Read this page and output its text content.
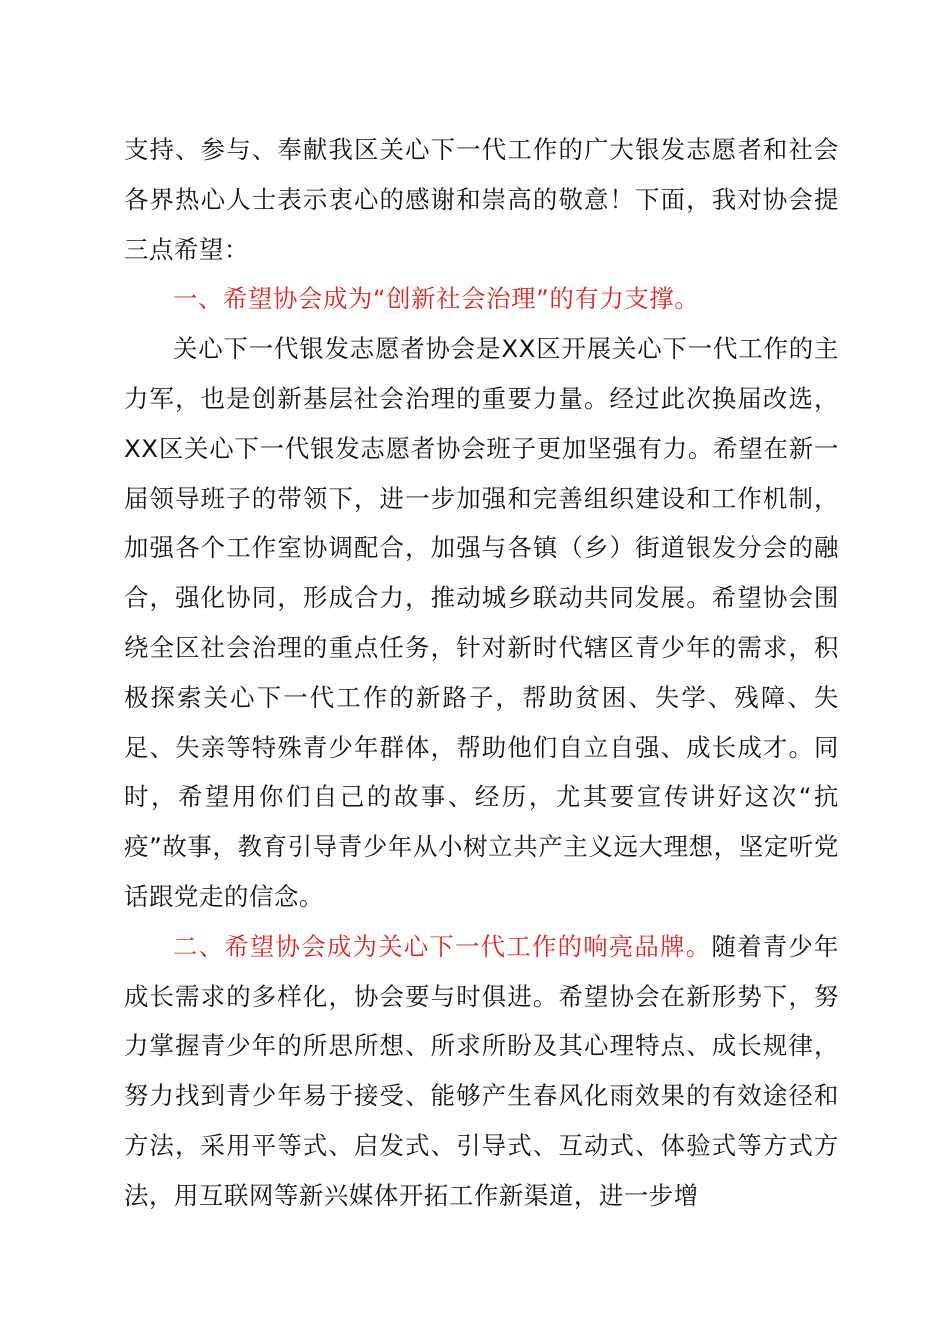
支持、参与、奉献我区关心下一代工作的广大银发志愿者和社会各界热心人士表示衷心的感谢和崇高的敬意！下面，我对协会提三点希望：

一、希望协会成为“创新社会治理”的有力支撑。

关心下一代银发志愿者协会是XX区开展关心下一代工作的主力军，也是创新基层社会治理的重要力量。经过此次换届改选，XX区关心下一代银发志愿者协会班子更加坚强有力。希望在新一届领导班子的带领下，进一步加强和完善组织建设和工作机制，加强各个工作室协调配合，加强与各镇（乡）街道银发分会的融合，强化协同，形成合力，推动城乡联动共同发展。希望协会围绕全区社会治理的重点任务，针对新时代辖区青少年的需求，积极探索关心下一代工作的新路子，帮助贫困、失学、残障、失足、失亲等特殊青少年群体，帮助他们自立自强、成长成才。同时，希望用你们自己的故事、经历，尤其要宣传讲好这次“抗疫”故事，教育引导青少年从小树立共产主义远大理想，坚定听党话跟党走的信念。

二、希望协会成为关心下一代工作的响亮品牌。随着青少年成长需求的多样化，协会要与时俱进。希望协会在新形势下，努力掌握青少年的所思所想、所求所盼及其心理特点、成长规律，努力找到青少年易于接受、能够产生春风化雨效果的有效途径和方法，采用平等式、启发式、引导式、互动式、体验式等方式方法，用互联网等新兴媒体开拓工作新渠道，进一步增
